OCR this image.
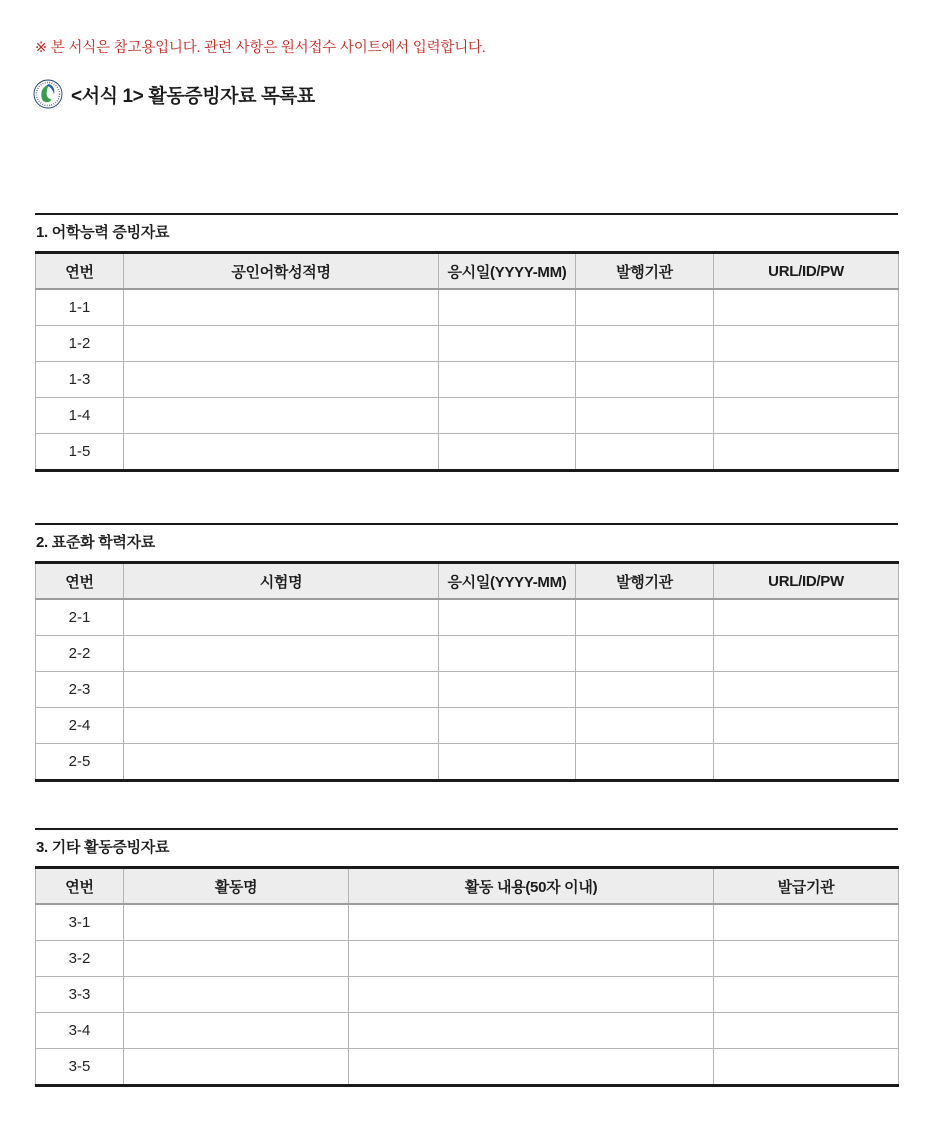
※ 본 서식은 참고용입니다. 관련 사항은 원서접수 사이트에서 입력합니다.
<서식 1> 활동증빙자료 목록표
1. 어학능력 증빙자료
연번	공인어학성적명	응시일(YYYY-MM)	발행기관	URL/ID/PW
1-1				
1-2				
1-3				
1-4				
1-5				
2. 표준화 학력자료
연번	시험명	응시일(YYYY-MM)	발행기관	URL/ID/PW
2-1				
2-2				
2-3				
2-4				
2-5				
3. 기타 활동증빙자료
연번	활동명	활동 내용(50자 이내)	발급기관
3-1			
3-2			
3-3			
3-4			
3-5			
